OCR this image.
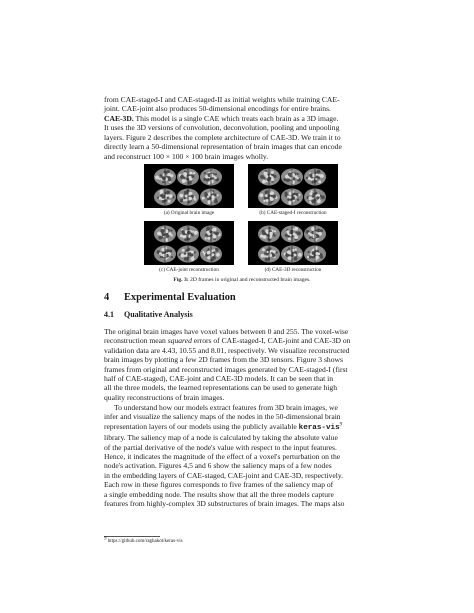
from CAE-staged-I and CAE-staged-II as initial weights while training CAE-
joint. CAE-joint also produces 50-dimensional encodings for entire brains.

CAE-3D. This model is a single CAE which treats each brain as a 3D image.
It uses the 3D versions of convolution, deconvolution, pooling and unpooling
layers. Figure 2 describes the complete architecture of CAE-3D. We train it to
directly learn a 50-dimensional representation of brain images that can encode
and reconstruct 100 × 100 × 100 brain images wholly.

(a) Original brain image	(b) CAE-staged-I reconstruction
(c) CAE-joint reconstruction	(d) CAE-3D reconstruction
Fig. 3: 2D frames in original and reconstructed brain images.
4 Experimental Evaluation
4.1 Qualitative Analysis

The original brain images have voxel values between 0 and 255. The voxel-wise
reconstruction mean squared errors of CAE-staged-I, CAE-joint and CAE-3D on
validation data are 4.43, 10.55 and 8.01, respectively. We visualize reconstructed
brain images by plotting a few 2D frames from the 3D tensors. Figure 3 shows
frames from original and reconstructed images generated by CAE-staged-I (first
half of CAE-staged), CAE-joint and CAE-3D models. It can be seen that in
all the three models, the learned representations can be used to generate high
quality reconstructions of brain images.

To understand how our models extract features from 3D brain images, we
infer and visualize the saliency maps of the nodes in the 50-dimensional brain
representation layers of our models using the publicly available keras-vis$^9$
library. The saliency map of a node is calculated by taking the absolute value
of the partial derivative of the node's value with respect to the input features.
Hence, it indicates the magnitude of the effect of a voxel's perturbation on the
node's activation. Figures 4,5 and 6 show the saliency maps of a few nodes
in the embedding layers of CAE-staged, CAE-joint and CAE-3D, respectively.
Each row in these figures corresponds to five frames of the saliency map of
a single embedding node. The results show that all the three models capture
features from highly-complex 3D substructures of brain images. The maps also

9 https://github.com/raghakot/keras-vis
